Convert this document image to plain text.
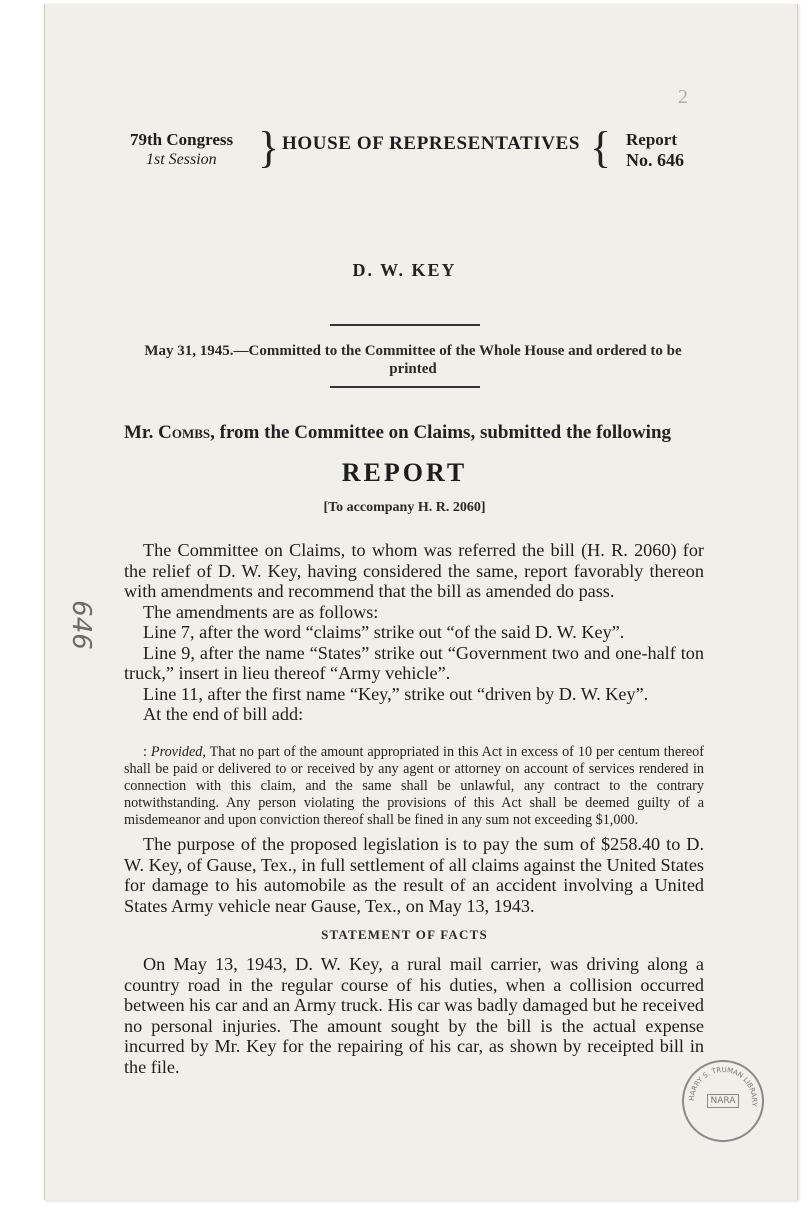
2
79th Congress
1st Session } HOUSE OF REPRESENTATIVES { Report
No. 646
D. W. KEY
May 31, 1945.—Committed to the Committee of the Whole House and ordered to be printed
Mr. Combs, from the Committee on Claims, submitted the following
REPORT
[To accompany H. R. 2060]

The Committee on Claims, to whom was referred the bill (H. R. 2060) for the relief of D. W. Key, having considered the same, report favorably thereon with amendments and recommend that the bill as amended do pass.

The amendments are as follows:

Line 7, after the word “claims” strike out “of the said D. W. Key”.

Line 9, after the name “States” strike out “Government two and one-half ton truck,” insert in lieu thereof “Army vehicle”.

Line 11, after the first name “Key,” strike out “driven by D. W. Key”.

At the end of bill add:

: Provided, That no part of the amount appropriated in this Act in excess of 10 per centum thereof shall be paid or delivered to or received by any agent or attorney on account of services rendered in connection with this claim, and the same shall be unlawful, any contract to the contrary notwithstanding. Any person violating the provisions of this Act shall be deemed guilty of a misdemeanor and upon conviction thereof shall be fined in any sum not exceeding $1,000.

The purpose of the proposed legislation is to pay the sum of $258.40 to D. W. Key, of Gause, Tex., in full settlement of all claims against the United States for damage to his automobile as the result of an accident involving a United States Army vehicle near Gause, Tex., on May 13, 1943.

STATEMENT OF FACTS

On May 13, 1943, D. W. Key, a rural mail carrier, was driving along a country road in the regular course of his duties, when a collision occurred between his car and an Army truck. His car was badly damaged but he received no personal injuries. The amount sought by the bill is the actual expense incurred by Mr. Key for the repairing of his car, as shown by receipted bill in the file.

646
HARRY S. TRUMAN LIBRARY
NARA
